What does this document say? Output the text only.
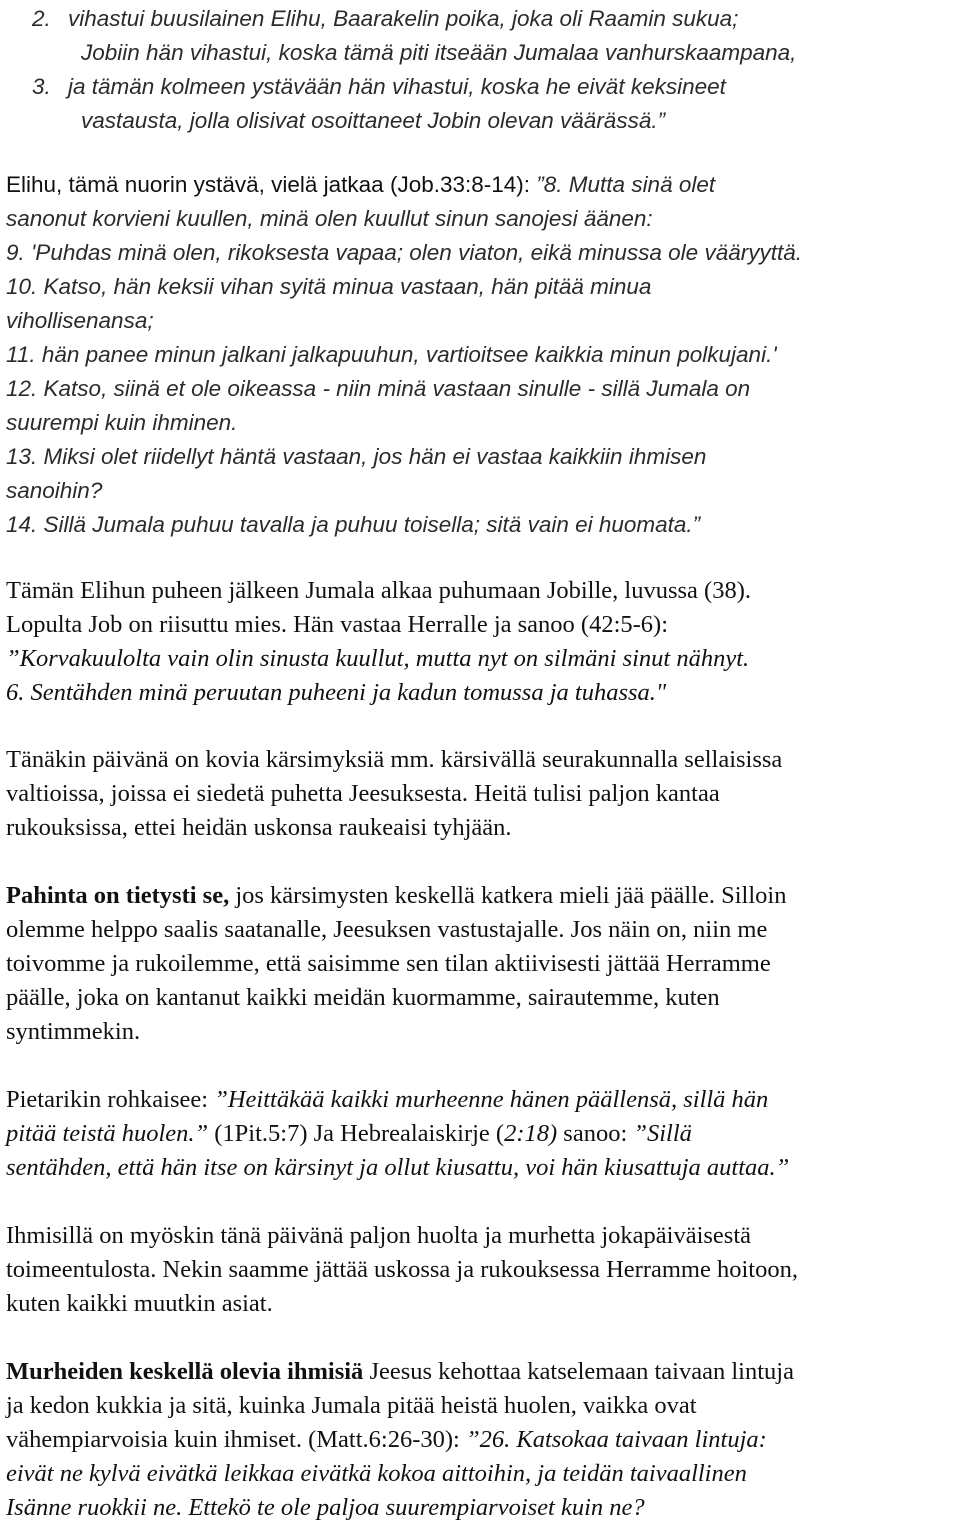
2. vihastui buusilainen Elihu, Baarakelin poika, joka oli Raamin sukua;
Jobiin hän vihastui, koska tämä piti itseään Jumalaa vanhurskaampana,
3. ja tämän kolmeen ystävään hän vihastui, koska he eivät keksineet
vastausta, jolla olisivat osoittaneet Jobin olevan väärässä.”
Elihu, tämä nuorin ystävä, vielä jatkaa (Job.33:8-14): ”8. Mutta sinä olet
sanonut korvieni kuullen, minä olen kuullut sinun sanojesi äänen:
9. 'Puhdas minä olen, rikoksesta vapaa; olen viaton, eikä minussa ole vääryyttä.
10. Katso, hän keksii vihan syitä minua vastaan, hän pitää minua
vihollisenansa;
11. hän panee minun jalkani jalkapuuhun, vartioitsee kaikkia minun polkujani.'
12. Katso, siinä et ole oikeassa - niin minä vastaan sinulle - sillä Jumala on
suurempi kuin ihminen.
13. Miksi olet riidellyt häntä vastaan, jos hän ei vastaa kaikkiin ihmisen
sanoihin?
14. Sillä Jumala puhuu tavalla ja puhuu toisella; sitä vain ei huomata.”
Tämän Elihun puheen jälkeen Jumala alkaa puhumaan Jobille, luvussa (38).
Lopulta Job on riisuttu mies. Hän vastaa Herralle ja sanoo (42:5-6):
”Korvakuulolta vain olin sinusta kuullut, mutta nyt on silmäni sinut nähnyt.
6. Sentähden minä peruutan puheeni ja kadun tomussa ja tuhassa."
Tänäkin päivänä on kovia kärsimyksiä mm. kärsivällä seurakunnalla sellaisissa
valtioissa, joissa ei siedetä puhetta Jeesuksesta. Heitä tulisi paljon kantaa
rukouksissa, ettei heidän uskonsa raukeaisi tyhjään.
Pahinta on tietysti se, jos kärsimysten keskellä katkera mieli jää päälle. Silloin
olemme helppo saalis saatanalle, Jeesuksen vastustajalle. Jos näin on, niin me
toivomme ja rukoilemme, että saisimme sen tilan aktiivisesti jättää Herramme
päälle, joka on kantanut kaikki meidän kuormamme, sairautemme, kuten
syntimmekin.
Pietarikin rohkaisee: ”Heittäkää kaikki murheenne hänen päällensä, sillä hän
pitää teistä huolen.” (1Pit.5:7) Ja Hebrealaiskirje (2:18) sanoo: ”Sillä
sentähden, että hän itse on kärsinyt ja ollut kiusattu, voi hän kiusattuja auttaa.”
Ihmisillä on myöskin tänä päivänä paljon huolta ja murhetta jokapäiväisestä
toimeentulosta. Nekin saamme jättää uskossa ja rukouksessa Herramme hoitoon,
kuten kaikki muutkin asiat.
Murheiden keskellä olevia ihmisiä Jeesus kehottaa katselemaan taivaan lintuja
ja kedon kukkia ja sitä, kuinka Jumala pitää heistä huolen, vaikka ovat
vähempiarvoisia kuin ihmiset. (Matt.6:26-30): ”26. Katsokaa taivaan lintuja:
eivät ne kylvä eivätkä leikkaa eivätkä kokoa aittoihin, ja teidän taivaallinen
Isänne ruokkii ne. Ettekö te ole paljoa suurempiarvoiset kuin ne?
